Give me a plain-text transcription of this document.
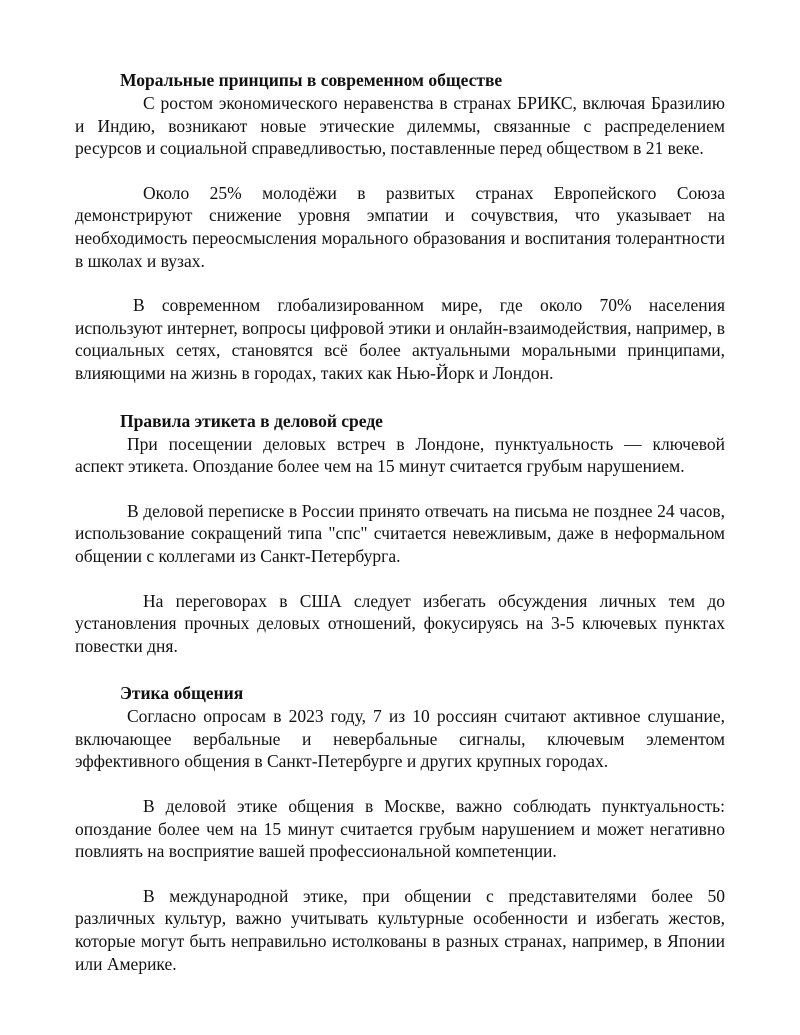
Моральные принципы в современном обществе

С ростом экономического неравенства в странах БРИКС, включая Бразилию и Индию, возникают новые этические дилеммы, связанные с распределением ресурсов и социальной справедливостью, поставленные перед обществом в 21 веке.

Около 25% молодёжи в развитых странах Европейского Союза демонстрируют снижение уровня эмпатии и сочувствия, что указывает на необходимость переосмысления морального образования и воспитания толерантности в школах и вузах.

В современном глобализированном мире, где около 70% населения используют интернет, вопросы цифровой этики и онлайн-взаимодействия, например, в социальных сетях, становятся всё более актуальными моральными принципами, влияющими на жизнь в городах, таких как Нью-Йорк и Лондон.

Правила этикета в деловой среде

При посещении деловых встреч в Лондоне, пунктуальность — ключевой аспект этикета. Опоздание более чем на 15 минут считается грубым нарушением.

В деловой переписке в России принято отвечать на письма не позднее 24 часов, использование сокращений типа "спс" считается невежливым, даже в неформальном общении с коллегами из Санкт-Петербурга.

На переговорах в США следует избегать обсуждения личных тем до установления прочных деловых отношений, фокусируясь на 3-5 ключевых пунктах повестки дня.

Этика общения

Согласно опросам в 2023 году, 7 из 10 россиян считают активное слушание, включающее вербальные и невербальные сигналы, ключевым элементом эффективного общения в Санкт-Петербурге и других крупных городах.

В деловой этике общения в Москве, важно соблюдать пунктуальность: опоздание более чем на 15 минут считается грубым нарушением и может негативно повлиять на восприятие вашей профессиональной компетенции.

В международной этике, при общении с представителями более 50 различных культур, важно учитывать культурные особенности и избегать жестов, которые могут быть неправильно истолкованы в разных странах, например, в Японии или Америке.
